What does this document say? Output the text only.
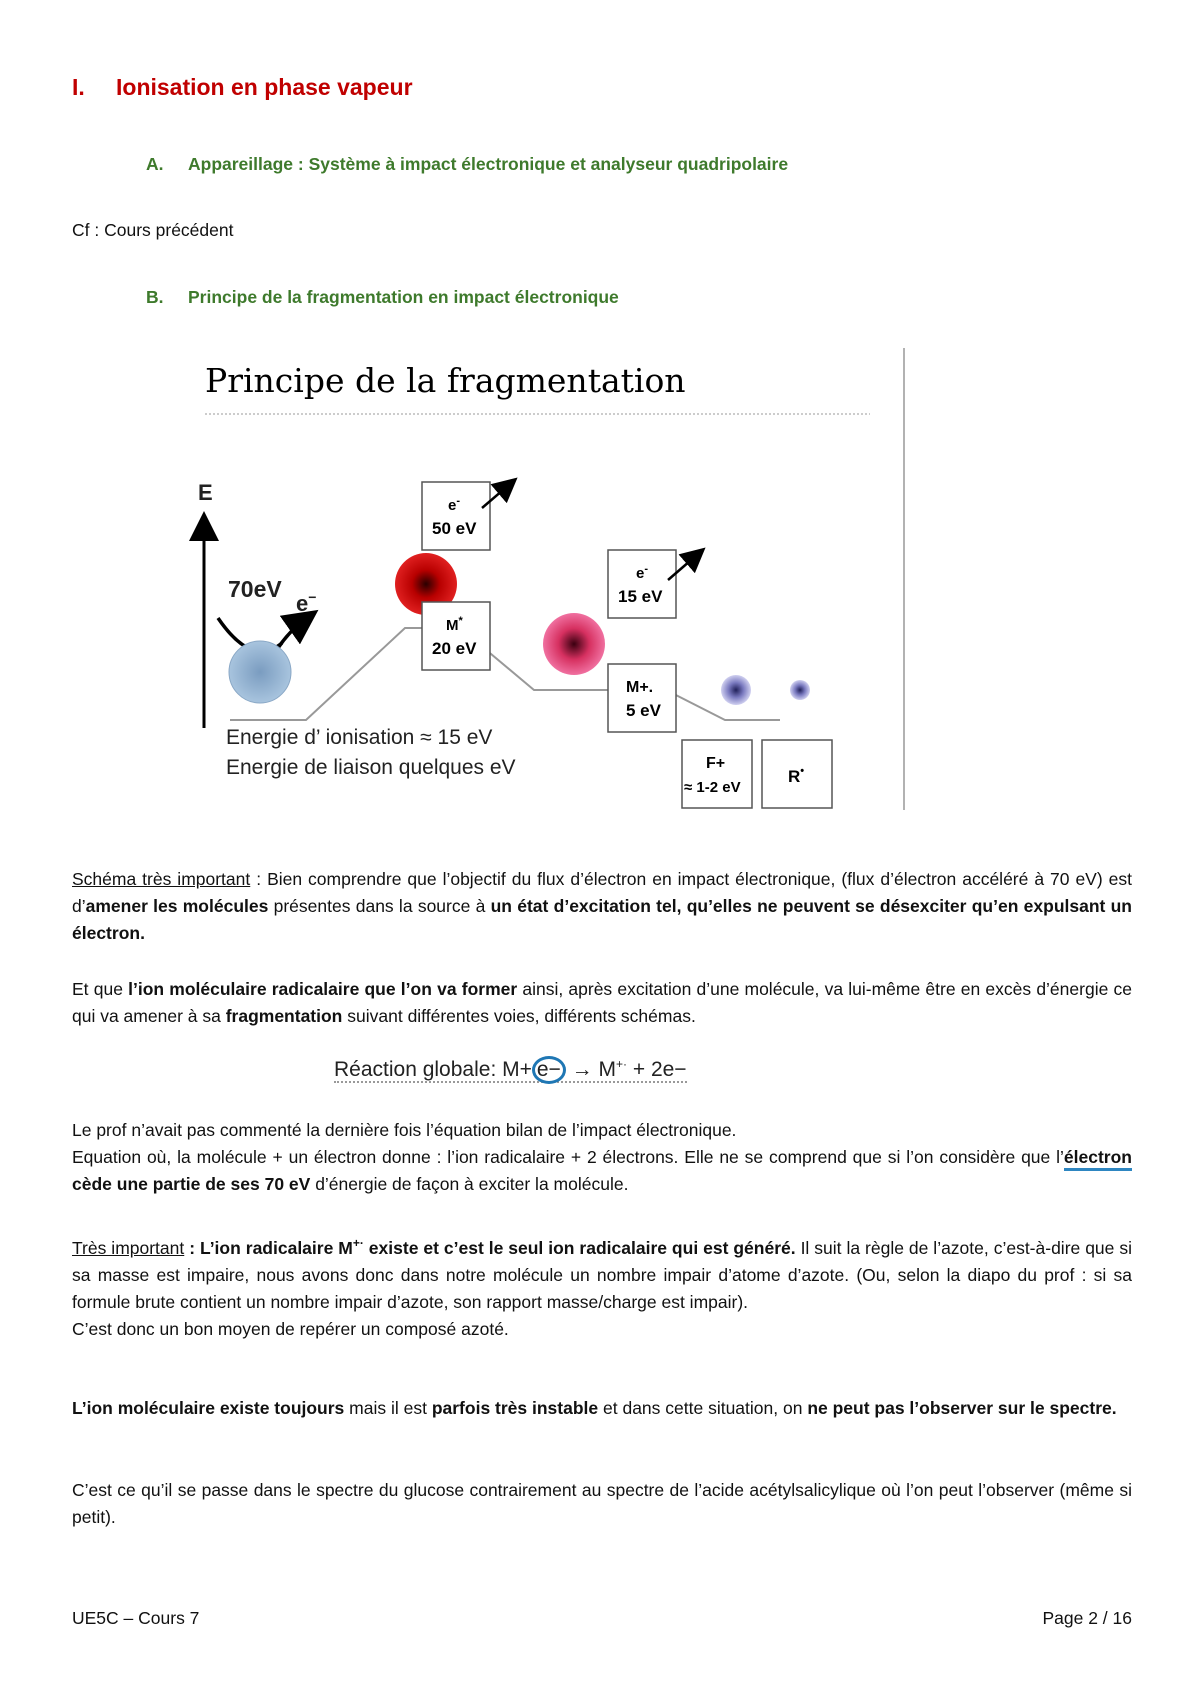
I. Ionisation en phase vapeur
A. Appareillage : Système à impact électronique et analyseur quadripolaire
Cf : Cours précédent
B. Principe de la fragmentation en impact électronique
Principe de la fragmentation
E
70eV
e−
e-
50 eV
M*
20 eV
e-
15 eV
M+.
5 eV
F+
≈ 1-2 eV
R•
Energie d’ ionisation ≈ 15 eV
Energie de liaison quelques eV
Schéma très important : Bien comprendre que l’objectif du flux d’électron en impact électronique, (flux d’électron accéléré à 70 eV) est d’amener les molécules présentes dans la source à un état d’excitation tel, qu’elles ne peuvent se désexciter qu’en expulsant un électron.
Et que l’ion moléculaire radicalaire que l’on va former ainsi, après excitation d’une molécule, va lui-même être en excès d’énergie ce qui va amener à sa fragmentation suivant différentes voies, différents schémas.
Réaction globale: M+ e− → M+· + 2e−
Le prof n’avait pas commenté la dernière fois l’équation bilan de l’impact électronique.
Equation où, la molécule + un électron donne : l’ion radicalaire + 2 électrons. Elle ne se comprend que si l’on considère que l’électron cède une partie de ses 70 eV d’énergie de façon à exciter la molécule.
Très important : L’ion radicalaire M+· existe et c’est le seul ion radicalaire qui est généré. Il suit la règle de l’azote, c’est-à-dire que si sa masse est impaire, nous avons donc dans notre molécule un nombre impair d’atome d’azote. (Ou, selon la diapo du prof : si sa formule brute contient un nombre impair d’azote, son rapport masse/charge est impair).
C’est donc un bon moyen de repérer un composé azoté.
L’ion moléculaire existe toujours mais il est parfois très instable et dans cette situation, on ne peut pas l’observer sur le spectre.
C’est ce qu’il se passe dans le spectre du glucose contrairement au spectre de l’acide acétylsalicylique où l’on peut l’observer (même si petit).
UE5C – Cours 7	Page 2 / 16
